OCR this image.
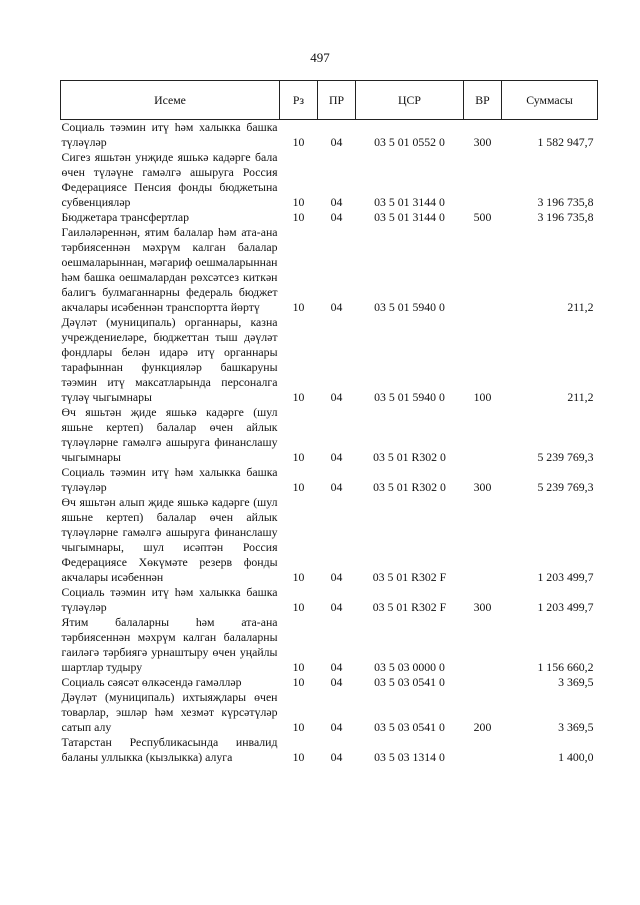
497
Исеме	Рз	ПР	ЦСР	ВР	Суммасы
Социаль тәэмин итү һәм халыкка башка түләүләр	10	04	03 5 01 0552 0	300	1 582 947,7
Сигез яшьтән унҗиде яшькә кадәрге бала өчен түләүне гамәлгә ашыруга Россия Федерациясе Пенсия фонды бюджетына субвенцияләр	10	04	03 5 01 3144 0		3 196 735,8
Бюджетара трансфертлар	10	04	03 5 01 3144 0	500	3 196 735,8
Гаиләләреннән, ятим балалар һәм ата-ана тәрбиясеннән мәхрүм калган балалар оешмаларыннан, мәгариф оешмаларыннан һәм башка оешмалардан рөхсәтсез киткән балигъ булмаганнарны федераль бюджет акчалары исәбеннән транспортта йөртү	10	04	03 5 01 5940 0		211,2
Дәүләт (муниципаль) органнары, казна учреждениеләре, бюджеттан тыш дәүләт фондлары белән идарә итү органнары тарафыннан функцияләр башкаруны тәэмин итү максатларында персоналга түләү чыгымнары	10	04	03 5 01 5940 0	100	211,2
Өч яшьтән җиде яшькә кадәрге (шул яшьне кертеп) балалар өчен айлык түләүләрне гамәлгә ашыруга финанслашу чыгымнары	10	04	03 5 01 R302 0		5 239 769,3
Социаль тәэмин итү һәм халыкка башка түләүләр	10	04	03 5 01 R302 0	300	5 239 769,3
Өч яшьтән алып җиде яшькә кадәрге (шул яшьне кертеп) балалар өчен айлык түләүләрне гамәлгә ашыруга финанслашу чыгымнары, шул исәптән Россия Федерациясе Хөкүмәте резерв фонды акчалары исәбеннән	10	04	03 5 01 R302 F		1 203 499,7
Социаль тәэмин итү һәм халыкка башка түләүләр	10	04	03 5 01 R302 F	300	1 203 499,7
Ятим балаларны һәм ата-ана тәрбиясеннән мәхрүм калган балаларны гаиләгә тәрбиягә урнаштыру өчен уңайлы шартлар тудыру	10	04	03 5 03 0000 0		1 156 660,2
Социаль сәясәт өлкәсендә гамәлләр	10	04	03 5 03 0541 0		3 369,5
Дәүләт (муниципаль) ихтыяҗлары өчен товарлар, эшләр һәм хезмәт күрсәтүләр сатып алу	10	04	03 5 03 0541 0	200	3 369,5
Татарстан Республикасында инвалид баланы уллыкка (кызлыкка) алуга	10	04	03 5 03 1314 0		1 400,0
